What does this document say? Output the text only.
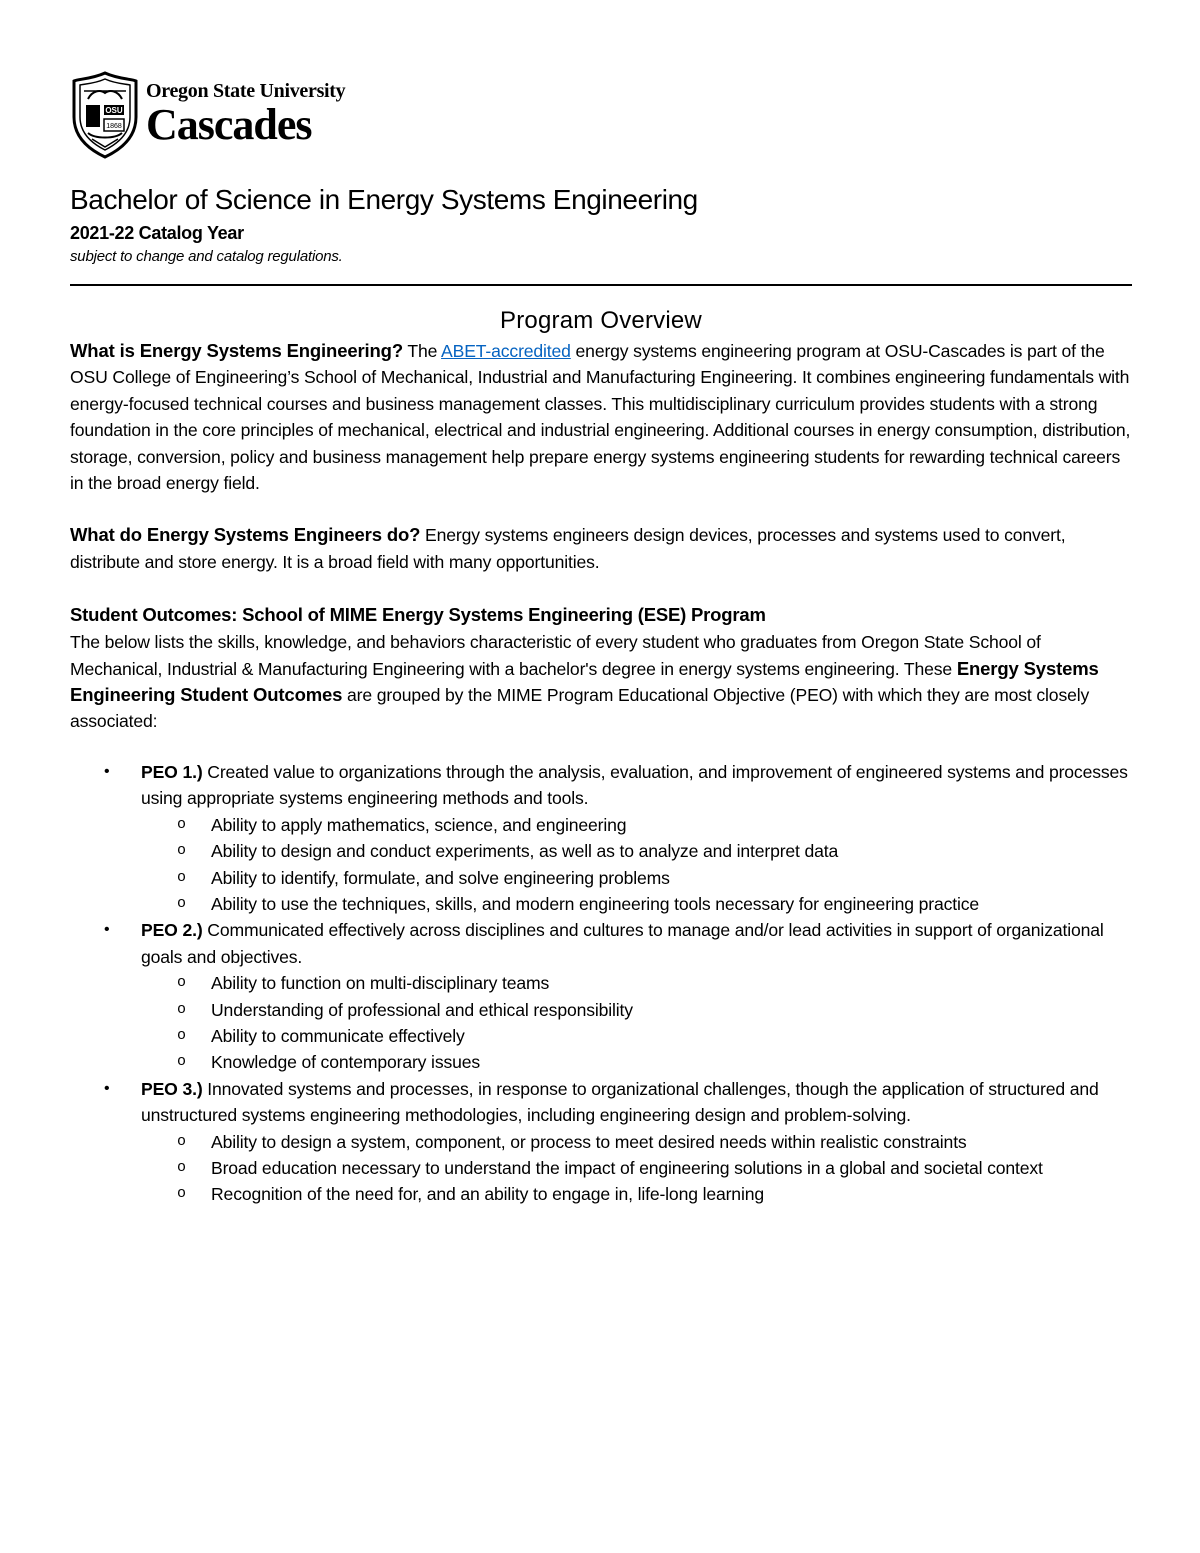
OSU
1868
Oregon State University
Cascades
Bachelor of Science in Energy Systems Engineering
2021-22 Catalog Year
subject to change and catalog regulations.
Program Overview

What is Energy Systems Engineering? The ABET-accredited energy systems engineering program at OSU-Cascades is part of the OSU College of Engineering’s School of Mechanical, Industrial and Manufacturing Engineering. It combines engineering fundamentals with energy-focused technical courses and business management classes. This multidisciplinary curriculum provides students with a strong foundation in the core principles of mechanical, electrical and industrial engineering. Additional courses in energy consumption, distribution, storage, conversion, policy and business management help prepare energy systems engineering students for rewarding technical careers in the broad energy field.

What do Energy Systems Engineers do? Energy systems engineers design devices, processes and systems used to convert, distribute and store energy. It is a broad field with many opportunities.

Student Outcomes: School of MIME Energy Systems Engineering (ESE) Program

The below lists the skills, knowledge, and behaviors characteristic of every student who graduates from Oregon State School of Mechanical, Industrial & Manufacturing Engineering with a bachelor's degree in energy systems engineering. These Energy Systems Engineering Student Outcomes are grouped by the MIME Program Educational Objective (PEO) with which they are most closely associated:

• PEO 1.) Created value to organizations through the analysis, evaluation, and improvement of engineered systems and processes using appropriate systems engineering methods and tools.
o Ability to apply mathematics, science, and engineering
o Ability to design and conduct experiments, as well as to analyze and interpret data
o Ability to identify, formulate, and solve engineering problems
o Ability to use the techniques, skills, and modern engineering tools necessary for engineering practice
• PEO 2.) Communicated effectively across disciplines and cultures to manage and/or lead activities in support of organizational goals and objectives.
o Ability to function on multi-disciplinary teams
o Understanding of professional and ethical responsibility
o Ability to communicate effectively
o Knowledge of contemporary issues
• PEO 3.) Innovated systems and processes, in response to organizational challenges, though the application of structured and unstructured systems engineering methodologies, including engineering design and problem-solving.
o Ability to design a system, component, or process to meet desired needs within realistic constraints
o Broad education necessary to understand the impact of engineering solutions in a global and societal context
o Recognition of the need for, and an ability to engage in, life-long learning
